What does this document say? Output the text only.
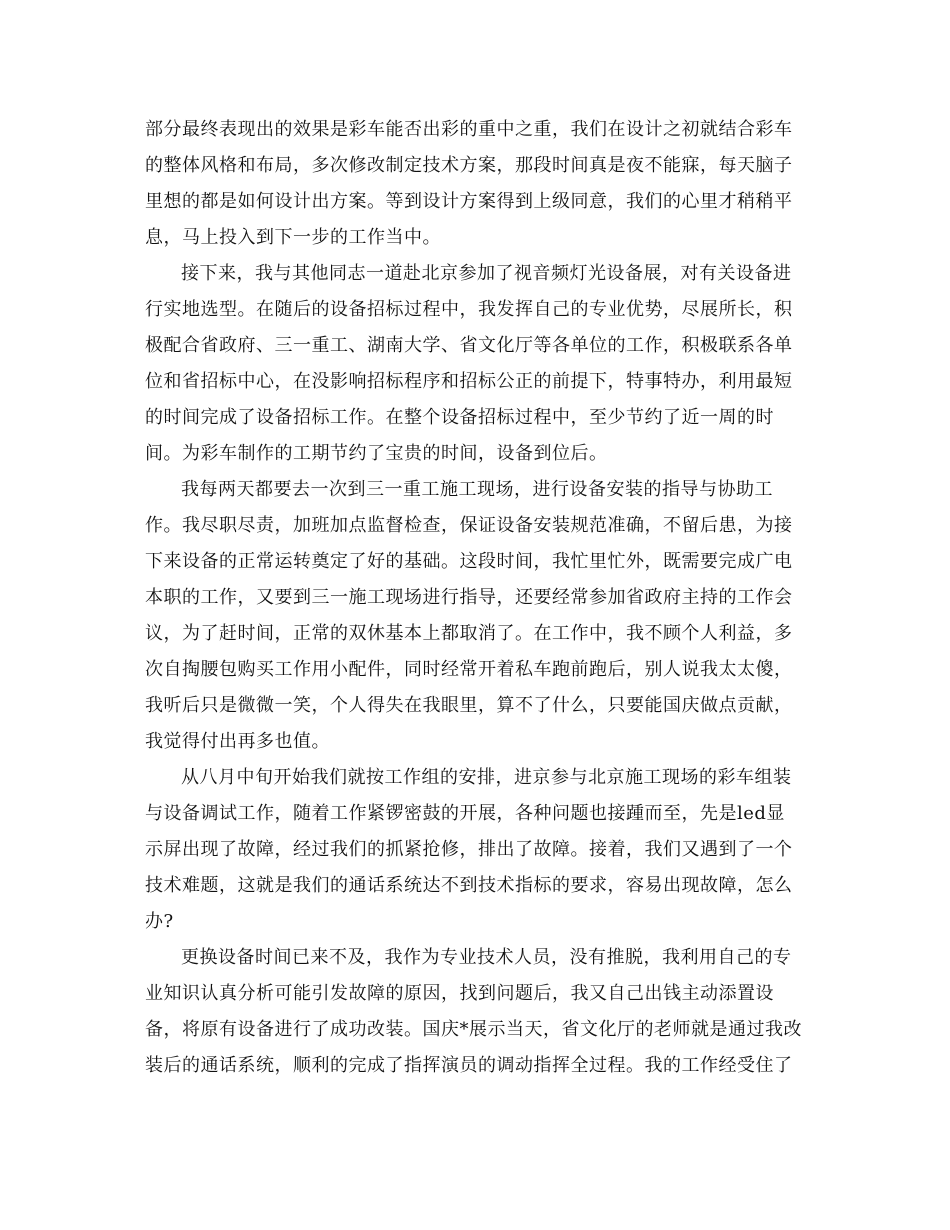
部分最终表现出的效果是彩车能否出彩的重中之重，我们在设计之初就结合彩车
的整体风格和布局，多次修改制定技术方案，那段时间真是夜不能寐，每天脑子
里想的都是如何设计出方案。等到设计方案得到上级同意，我们的心里才稍稍平
息，马上投入到下一步的工作当中。
接下来，我与其他同志一道赴北京参加了视音频灯光设备展，对有关设备进
行实地选型。在随后的设备招标过程中，我发挥自己的专业优势，尽展所长，积
极配合省政府、三一重工、湖南大学、省文化厅等各单位的工作，积极联系各单
位和省招标中心，在没影响招标程序和招标公正的前提下，特事特办，利用最短
的时间完成了设备招标工作。在整个设备招标过程中，至少节约了近一周的时
间。为彩车制作的工期节约了宝贵的时间，设备到位后。
我每两天都要去一次到三一重工施工现场，进行设备安装的指导与协助工
作。我尽职尽责，加班加点监督检查，保证设备安装规范准确，不留后患，为接
下来设备的正常运转奠定了好的基础。这段时间，我忙里忙外，既需要完成广电
本职的工作，又要到三一施工现场进行指导，还要经常参加省政府主持的工作会
议，为了赶时间，正常的双休基本上都取消了。在工作中，我不顾个人利益，多
次自掏腰包购买工作用小配件，同时经常开着私车跑前跑后，别人说我太太傻，
我听后只是微微一笑，个人得失在我眼里，算不了什么，只要能国庆做点贡献，
我觉得付出再多也值。
从八月中旬开始我们就按工作组的安排，进京参与北京施工现场的彩车组装
与设备调试工作，随着工作紧锣密鼓的开展，各种问题也接踵而至，先是led显
示屏出现了故障，经过我们的抓紧抢修，排出了故障。接着，我们又遇到了一个
技术难题，这就是我们的通话系统达不到技术指标的要求，容易出现故障，怎么
办?
更换设备时间已来不及，我作为专业技术人员，没有推脱，我利用自己的专
业知识认真分析可能引发故障的原因，找到问题后，我又自己出钱主动添置设
备，将原有设备进行了成功改装。国庆*展示当天，省文化厅的老师就是通过我改
装后的通话系统，顺利的完成了指挥演员的调动指挥全过程。我的工作经受住了
